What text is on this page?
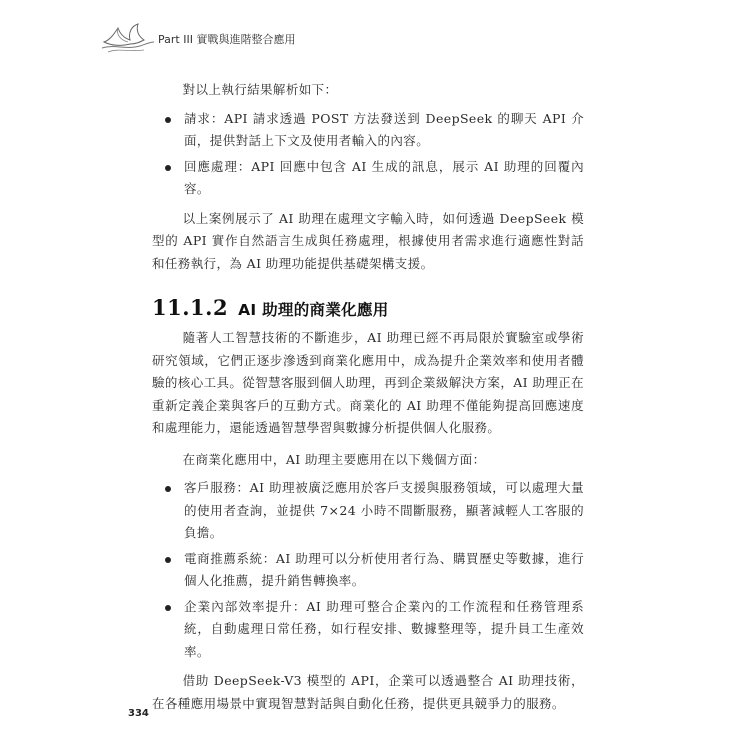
Part III 實戰與進階整合應用

對以上執行結果解析如下：

請求：API 請求透過 POST 方法發送到 DeepSeek 的聊天 API 介面，提供對話上下文及使用者輸入的內容。
回應處理：API 回應中包含 AI 生成的訊息，展示 AI 助理的回覆內容。

以上案例展示了 AI 助理在處理文字輸入時，如何透過 DeepSeek 模型的 API 實作自然語言生成與任務處理，根據使用者需求進行適應性對話和任務執行，為 AI 助理功能提供基礎架構支援。

11.1.2 AI 助理的商業化應用

隨著人工智慧技術的不斷進步，AI 助理已經不再局限於實驗室或學術研究領域，它們正逐步滲透到商業化應用中，成為提升企業效率和使用者體驗的核心工具。從智慧客服到個人助理，再到企業級解決方案，AI 助理正在重新定義企業與客戶的互動方式。商業化的 AI 助理不僅能夠提高回應速度和處理能力，還能透過智慧學習與數據分析提供個人化服務。

在商業化應用中，AI 助理主要應用在以下幾個方面：

客戶服務：AI 助理被廣泛應用於客戶支援與服務領域，可以處理大量的使用者查詢，並提供 7×24 小時不間斷服務，顯著減輕人工客服的負擔。
電商推薦系統：AI 助理可以分析使用者行為、購買歷史等數據，進行個人化推薦，提升銷售轉換率。
企業內部效率提升：AI 助理可整合企業內的工作流程和任務管理系統，自動處理日常任務，如行程安排、數據整理等，提升員工生產效率。

借助 DeepSeek-V3 模型的 API，企業可以透過整合 AI 助理技術，在各種應用場景中實現智慧對話與自動化任務，提供更具競爭力的服務。

334
